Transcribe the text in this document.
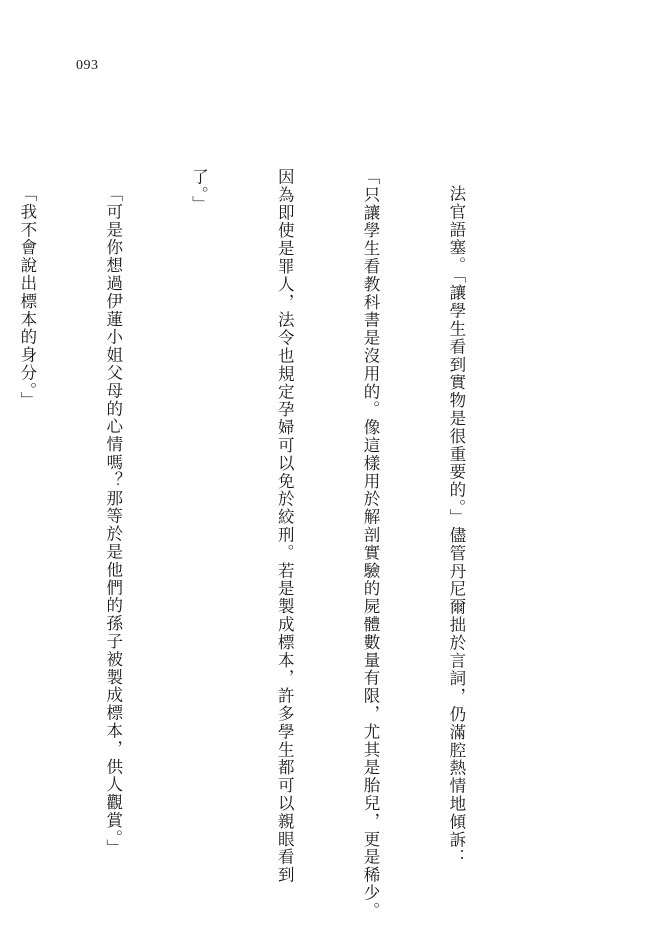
093

法官語塞。「讓學生看到實物是很重要的。」儘管丹尼爾拙於言詞，仍滿腔熱情地傾訴：

「只讓學生看教科書是沒用的。像這樣用於解剖實驗的屍體數量有限，尤其是胎兒，更是稀少。

因為即使是罪人，法令也規定孕婦可以免於絞刑。若是製成標本，許多學生都可以親眼看到

了。」

「可是你想過伊蓮小姐父母的心情嗎？那等於是他們的孫子被製成標本，供人觀賞。」

「我不會說出標本的身分。」
